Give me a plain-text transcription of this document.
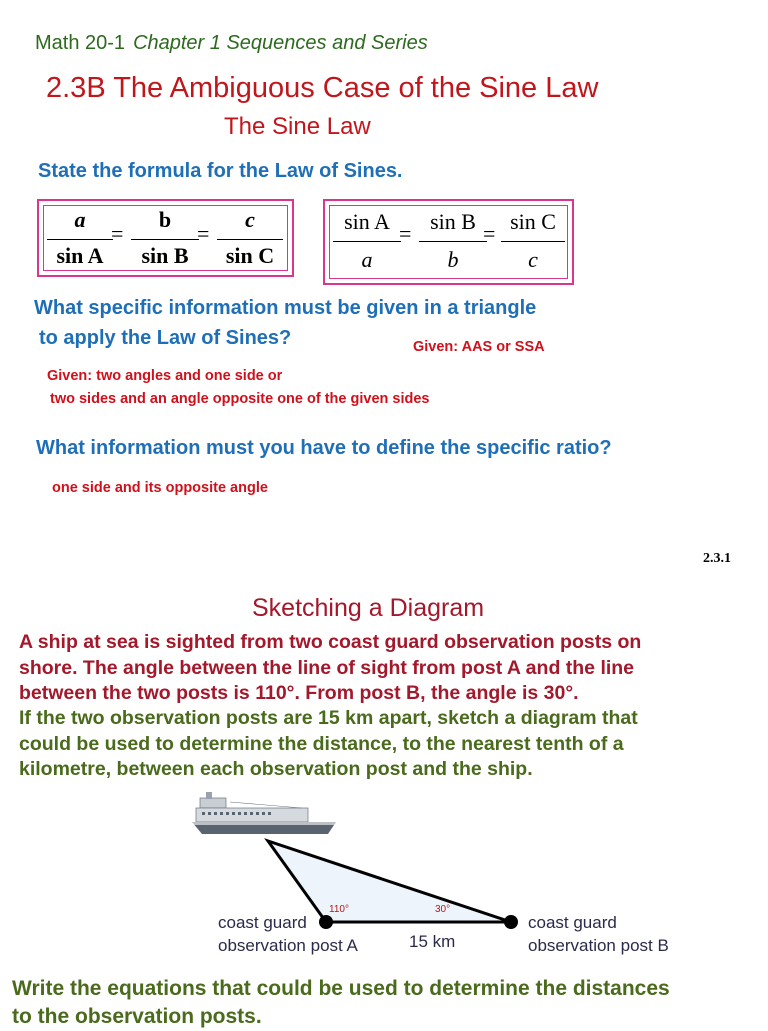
Math 20-1 Chapter 1 Sequences and Series
2.3B The Ambiguous Case of the Sine Law
The Sine Law
State the formula for the Law of Sines.
a
sin A
=
b
sin B
=
c
sin C
sin A
a
= sin B
b
= sin C
c
What specific information must be given in a triangle
to apply the Law of Sines?	Given: AAS or SSA
Given: two angles and one side or
two sides and an angle opposite one of the given sides
What information must you have to define the specific ratio?
one side and its opposite angle
2.3.1
Sketching a Diagram
A ship at sea is sighted from two coast guard observation posts on
shore. The angle between the line of sight from post A and the line
between the two posts is 110°. From post B, the angle is 30°.
If the two observation posts are 15 km apart, sketch a diagram that
could be used to determine the distance, to the nearest tenth of a
kilometre, between each observation post and the ship.
110°	30°
15 km
coast guard
observation post A
coast guard
observation post B
Write the equations that could be used to determine the distances
to the observation posts.
